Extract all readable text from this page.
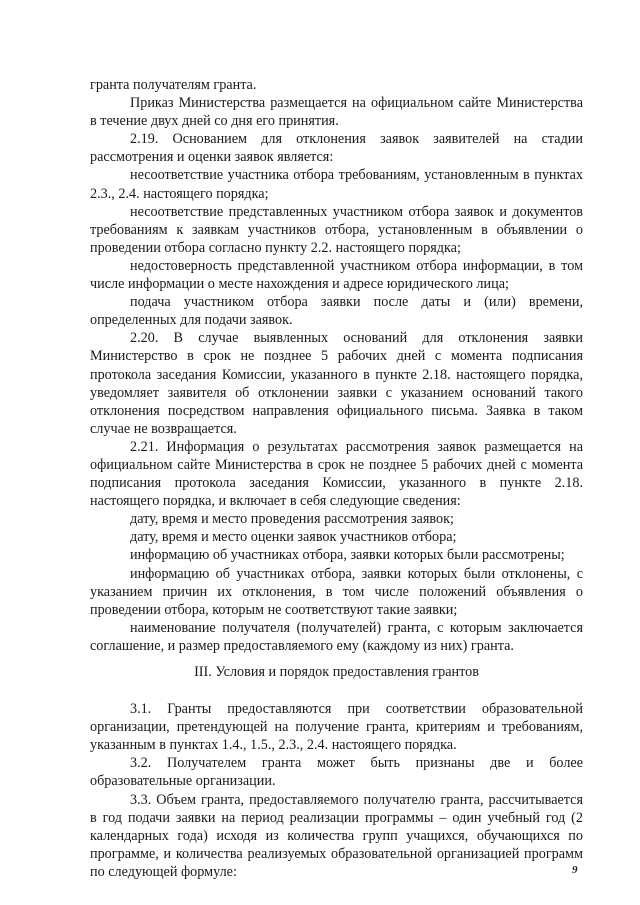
гранта получателям гранта.

Приказ Министерства размещается на официальном сайте Министерства в течение двух дней со дня его принятия.

2.19. Основанием для отклонения заявок заявителей на стадии рассмотрения и оценки заявок является:

несоответствие участника отбора требованиям, установленным в пунктах 2.3., 2.4. настоящего порядка;

несоответствие представленных участником отбора заявок и документов требованиям к заявкам участников отбора, установленным в объявлении о проведении отбора согласно пункту 2.2. настоящего порядка;

недостоверность представленной участником отбора информации, в том числе информации о месте нахождения и адресе юридического лица;

подача участником отбора заявки после даты и (или) времени, определенных для подачи заявок.

2.20. В случае выявленных оснований для отклонения заявки Министерство в срок не позднее 5 рабочих дней с момента подписания протокола заседания Комиссии, указанного в пункте 2.18. настоящего порядка, уведомляет заявителя об отклонении заявки с указанием оснований такого отклонения посредством направления официального письма. Заявка в таком случае не возвращается.

2.21. Информация о результатах рассмотрения заявок размещается на официальном сайте Министерства в срок не позднее 5 рабочих дней с момента подписания протокола заседания Комиссии, указанного в пункте 2.18. настоящего порядка, и включает в себя следующие сведения:

дату, время и место проведения рассмотрения заявок;

дату, время и место оценки заявок участников отбора;

информацию об участниках отбора, заявки которых были рассмотрены;

информацию об участниках отбора, заявки которых были отклонены, с указанием причин их отклонения, в том числе положений объявления о проведении отбора, которым не соответствуют такие заявки;

наименование получателя (получателей) гранта, с которым заключается соглашение, и размер предоставляемого ему (каждому из них) гранта.

III. Условия и порядок предоставления грантов

3.1. Гранты предоставляются при соответствии образовательной организации, претендующей на получение гранта, критериям и требованиям, указанным в пунктах 1.4., 1.5., 2.3., 2.4. настоящего порядка.

3.2. Получателем гранта может быть признаны две и более образовательные организации.

3.3. Объем гранта, предоставляемого получателю гранта, рассчитывается в год подачи заявки на период реализации программы – один учебный год (2 календарных года) исходя из количества групп учащихся, обучающихся по программе, и количества реализуемых образовательной организацией программ по следующей формуле:	9
